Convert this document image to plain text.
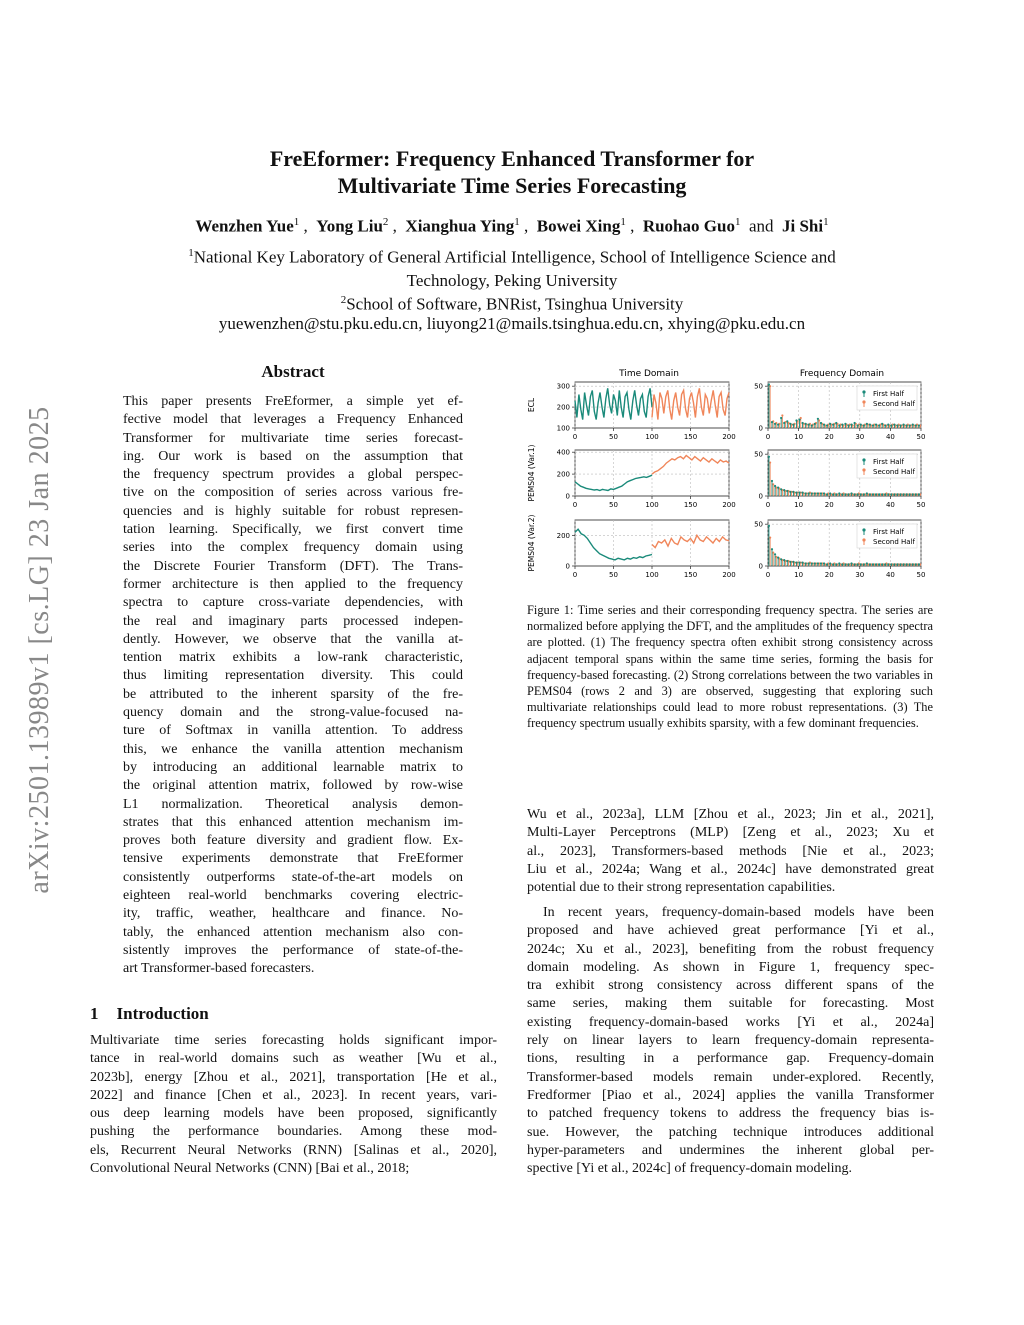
arXiv:2501.13989v1 [cs.LG] 23 Jan 2025
FreEformer: Frequency Enhanced Transformer for
Multivariate Time Series Forecasting
Wenzhen Yue$^1$ ,  Yong Liu$^2$ ,  Xianghua Ying$^1$ ,  Bowei Xing$^1$ ,  Ruohao Guo$^1$ and Ji Shi$^1$
$^1$National Key Laboratory of General Artificial Intelligence, School of Intelligence Science and
Technology, Peking University
$^2$School of Software, BNRist, Tsinghua University
yuewenzhen@stu.pku.edu.cn, liuyong21@mails.tsinghua.edu.cn, xhying@pku.edu.cn
Abstract

This paper presents FreEformer, a simple yet ef-

fective model that leverages a Frequency Enhanced

Transformer for multivariate time series forecast-

ing. Our work is based on the assumption that

the frequency spectrum provides a global perspec-

tive on the composition of series across various fre-

quencies and is highly suitable for robust represen-

tation learning. Specifically, we first convert time

series into the complex frequency domain using

the Discrete Fourier Transform (DFT). The Trans-

former architecture is then applied to the frequency

spectra to capture cross-variate dependencies, with

the real and imaginary parts processed indepen-

dently. However, we observe that the vanilla at-

tention matrix exhibits a low-rank characteristic,

thus limiting representation diversity. This could

be attributed to the inherent sparsity of the fre-

quency domain and the strong-value-focused na-

ture of Softmax in vanilla attention. To address

this, we enhance the vanilla attention mechanism

by introducing an additional learnable matrix to

the original attention matrix, followed by row-wise

L1 normalization. Theoretical analysis demon-

strates that this enhanced attention mechanism im-

proves both feature diversity and gradient flow. Ex-

tensive experiments demonstrate that FreEformer

consistently outperforms state-of-the-art models on

eighteen real-world benchmarks covering electric-

ity, traffic, weather, healthcare and finance. No-

tably, the enhanced attention mechanism also con-

sistently improves the performance of state-of-the-

art Transformer-based forecasters.

1 Introduction

Multivariate time series forecasting holds significant impor-

tance in real-world domains such as weather [Wu et al.,

2023b], energy [Zhou et al., 2021], transportation [He et al.,

2022] and finance [Chen et al., 2023]. In recent years, vari-

ous deep learning models have been proposed, significantly

pushing the performance boundaries. Among these mod-

els, Recurrent Neural Networks (RNN) [Salinas et al., 2020],

Convolutional Neural Networks (CNN) [Bai et al., 2018;

Time Domain	Frequency Domain
ECL
100
200
300
0	50	100	150	200
0
50
0	10	20	30	40	50
First Half
Second Half
PEMS04 (Var.1)	0
200
400
0	50	100	150	200
0
50
0	10	20	30	40	50
First Half
Second Half
PEMS04 (Var.2)	0
200
0	50	100	150	200
0
50
0	10	20	30	40	50
First Half
Second Half
Figure 1: Time series and their corresponding frequency spectra. The series are normalized before applying the DFT, and the amplitudes of the frequency spectra are plotted. (1) The frequency spectra often exhibit strong consistency across adjacent temporal spans within the same time series, forming the basis for frequency-based forecasting. (2) Strong correlations between the two variables in PEMS04 (rows 2 and 3) are observed, suggesting that exploring such multivariate relationships could lead to more robust representations. (3) The frequency spectrum usually exhibits sparsity, with a few dominant frequencies.

Wu et al., 2023a], LLM [Zhou et al., 2023; Jin et al., 2021],

Multi-Layer Perceptrons (MLP) [Zeng et al., 2023; Xu et

al., 2023], Transformers-based methods [Nie et al., 2023;

Liu et al., 2024a; Wang et al., 2024c] have demonstrated great

potential due to their strong representation capabilities.

In recent years, frequency-domain-based models have been

proposed and have achieved great performance [Yi et al.,

2024c; Xu et al., 2023], benefiting from the robust frequency

domain modeling. As shown in Figure 1, frequency spec-

tra exhibit strong consistency across different spans of the

same series, making them suitable for forecasting. Most

existing frequency-domain-based works [Yi et al., 2024a]

rely on linear layers to learn frequency-domain representa-

tions, resulting in a performance gap. Frequency-domain

Transformer-based models remain under-explored. Recently,

Fredformer [Piao et al., 2024] applies the vanilla Transformer

to patched frequency tokens to address the frequency bias is-

sue. However, the patching technique introduces additional

hyper-parameters and undermines the inherent global per-

spective [Yi et al., 2024c] of frequency-domain modeling.
